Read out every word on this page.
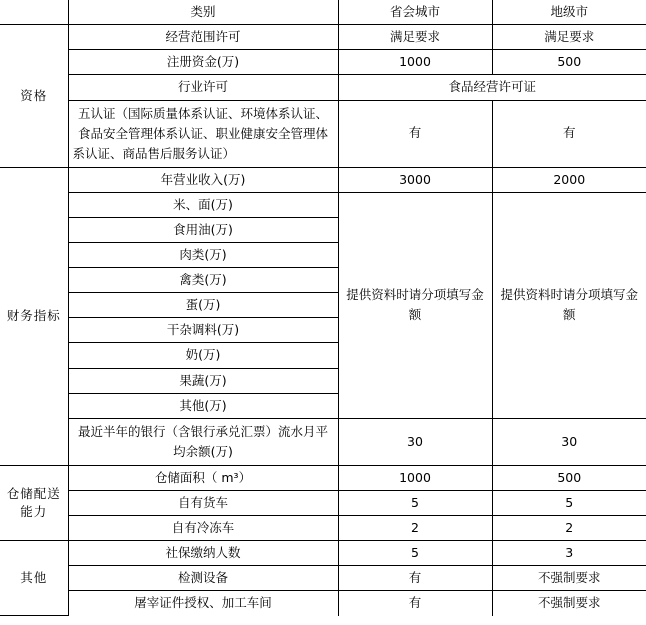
	类别	省会城市	地级市
资格	经营范围许可	满足要求	满足要求
	注册资金(万)	1000	500
	行业许可	食品经营许可证	
	五认证（国际质量体系认证、环境体系认证、食品安全管理体系认证、职业健康安全管理体系认证、商品售后服务认证）	有	有
财务指标	年营业收入(万)	3000	2000
	米、面(万)	提供资料时请分项填写金额	提供资料时请分项填写金额
	食用油(万)		
	肉类(万)		
	禽类(万)		
	蛋(万)		
	干杂调料(万)		
	奶(万)		
	果蔬(万)		
	其他(万)		
	最近半年的银行（含银行承兑汇票）流水月平均余额(万)	30	30
仓储配送能力	仓储面积（ m³）	1000	500
	自有货车	5	5
	自有冷冻车	2	2
其他	社保缴纳人数	5	3
	检测设备	有	不强制要求
	屠宰证件授权、加工车间	有	不强制要求
